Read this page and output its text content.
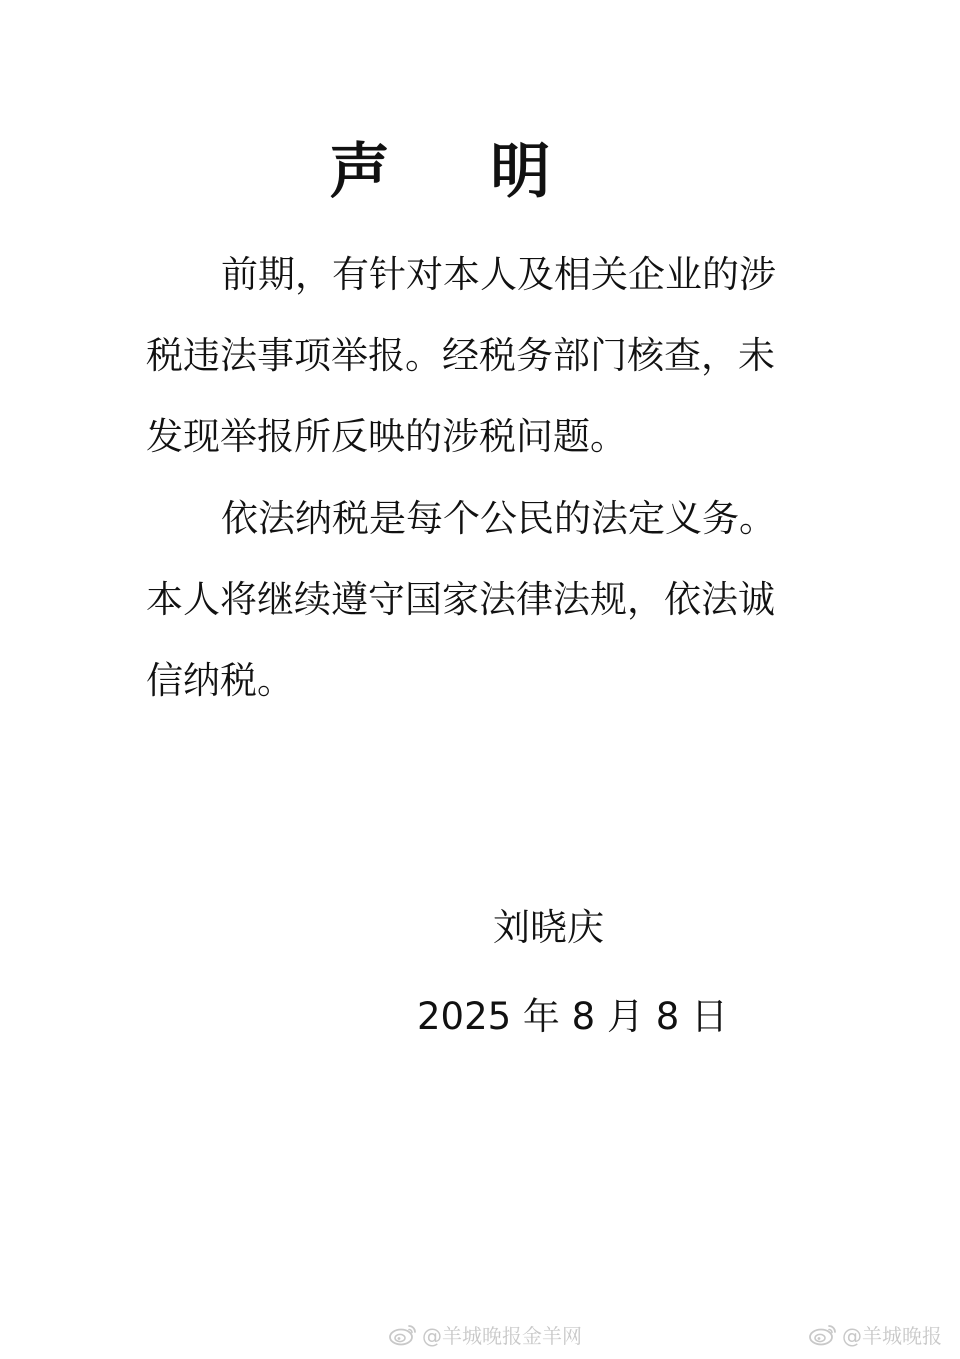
声 明
前期，有针对本人及相关企业的涉
税违法事项举报。经税务部门核查，未
发现举报所反映的涉税问题。
依法纳税是每个公民的法定义务。
本人将继续遵守国家法律法规，依法诚
信纳税。
刘晓庆
2025 年 8 月 8 日
@羊城晚报金羊网	@羊城晚报
